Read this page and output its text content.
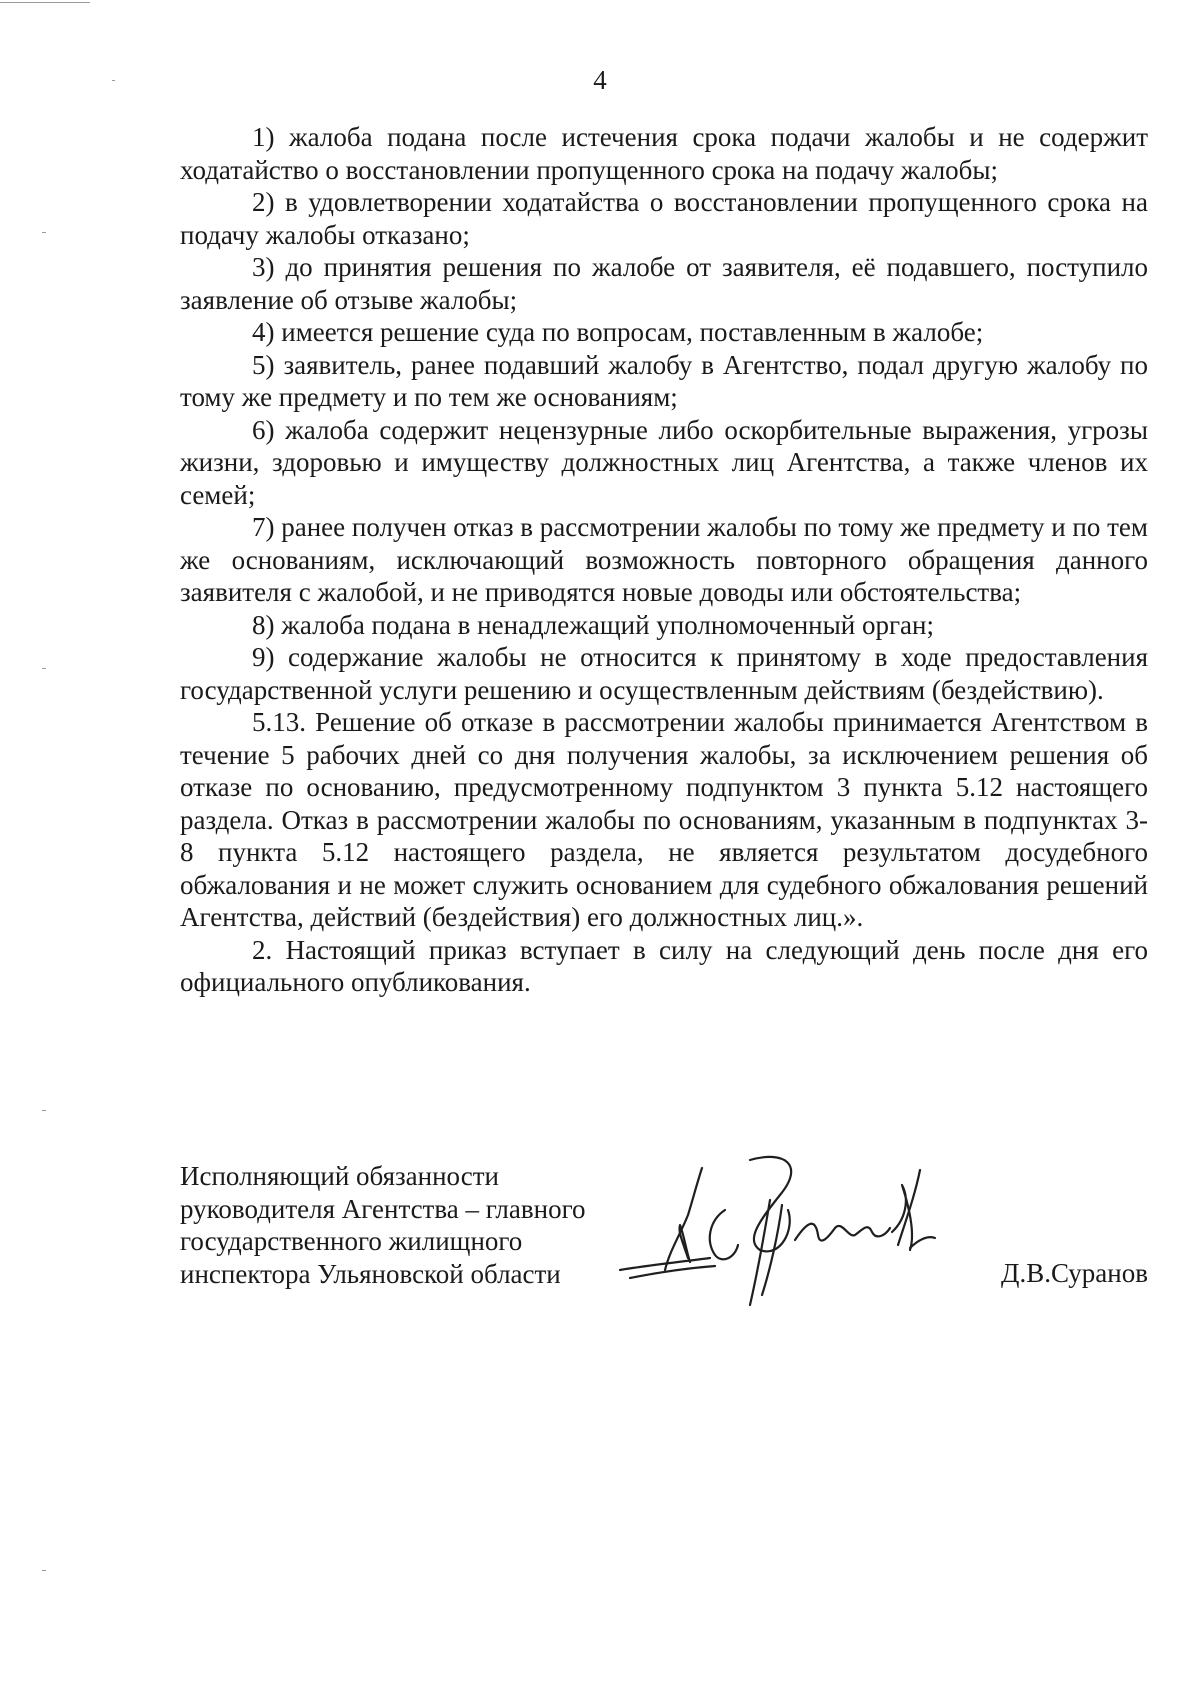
4

1) жалоба подана после истечения срока подачи жалобы и не содержит ходатайство о восстановлении пропущенного срока на подачу жалобы;

2) в удовлетворении ходатайства о восстановлении пропущенного срока на подачу жалобы отказано;

3) до принятия решения по жалобе от заявителя, её подавшего, поступило заявление об отзыве жалобы;

4) имеется решение суда по вопросам, поставленным в жалобе;

5) заявитель, ранее подавший жалобу в Агентство, подал другую жалобу по тому же предмету и по тем же основаниям;

6) жалоба содержит нецензурные либо оскорбительные выражения, угрозы жизни, здоровью и имуществу должностных лиц Агентства, а также членов их семей;

7) ранее получен отказ в рассмотрении жалобы по тому же предмету и по тем же основаниям, исключающий возможность повторного обращения данного заявителя с жалобой, и не приводятся новые доводы или обстоятельства;

8) жалоба подана в ненадлежащий уполномоченный орган;

9) содержание жалобы не относится к принятому в ходе предоставления государственной услуги решению и осуществленным действиям (бездействию).

5.13. Решение об отказе в рассмотрении жалобы принимается Агентством в течение 5 рабочих дней со дня получения жалобы, за исключением решения об отказе по основанию, предусмотренному подпунктом 3 пункта 5.12 настоящего раздела. Отказ в рассмотрении жалобы по основаниям, указанным в подпунктах 3-8 пункта 5.12 настоящего раздела, не является результатом досудебного обжалования и не может служить основанием для судебного обжалования решений Агентства, действий (бездействия) его должностных лиц.».

2. Настоящий приказ вступает в силу на следующий день после дня его официального опубликования.

Исполняющий обязанности
руководителя Агентства – главного
государственного жилищного
инспектора Ульяновской области	Д.В.Суранов
